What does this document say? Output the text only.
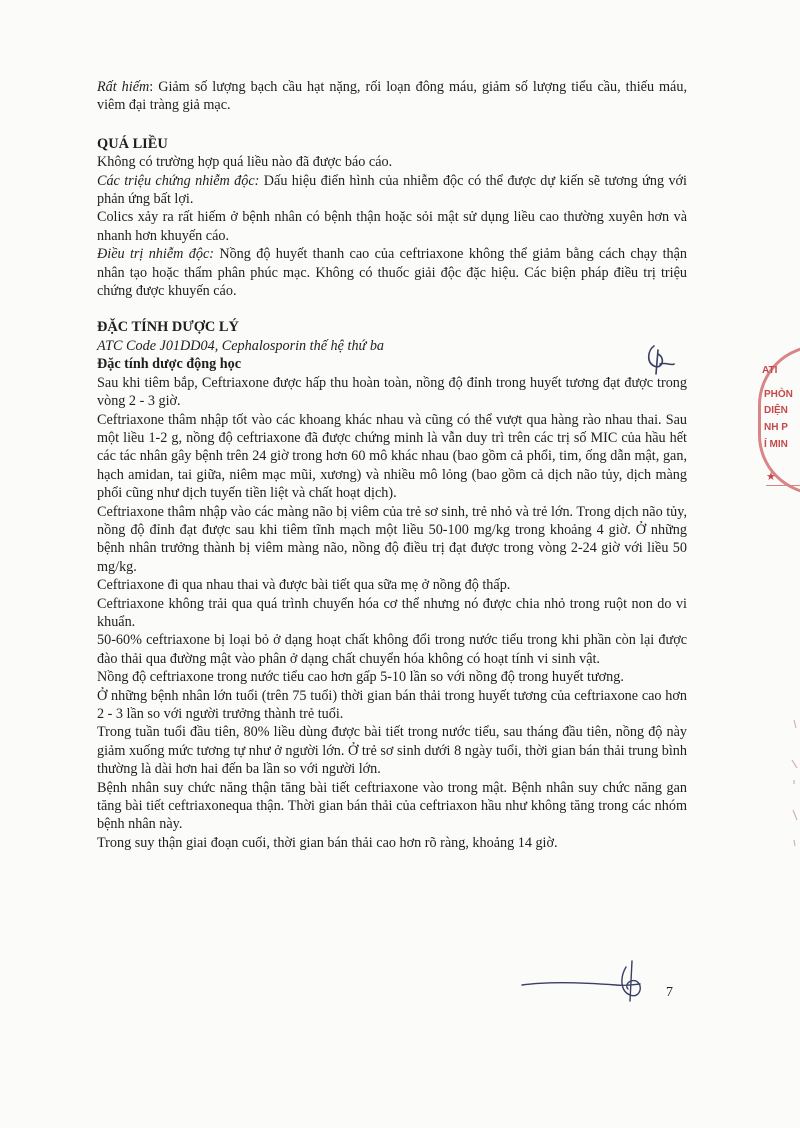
Rất hiếm: Giảm số lượng bạch cầu hạt nặng, rối loạn đông máu, giảm số lượng tiểu cầu, thiếu máu, viêm đại tràng giả mạc.

QUÁ LIỀU

Không có trường hợp quá liều nào đã được báo cáo.

Các triệu chứng nhiễm độc: Dấu hiệu điển hình của nhiễm độc có thể được dự kiến sẽ tương ứng với phản ứng bất lợi.

Colics xảy ra rất hiếm ở bệnh nhân có bệnh thận hoặc sỏi mật sử dụng liều cao thường xuyên hơn và nhanh hơn khuyến cáo.

Điều trị nhiễm độc: Nồng độ huyết thanh cao của ceftriaxone không thể giảm bằng cách chạy thận nhân tạo hoặc thẩm phân phúc mạc. Không có thuốc giải độc đặc hiệu. Các biện pháp điều trị triệu chứng được khuyến cáo.

ĐẶC TÍNH DƯỢC LÝ

ATC Code J01DD04, Cephalosporin thế hệ thứ ba

Đặc tính dược động học

Sau khi tiêm bắp, Ceftriaxone được hấp thu hoàn toàn, nồng độ đỉnh trong huyết tương đạt được trong vòng 2 - 3 giờ.

Ceftriaxone thâm nhập tốt vào các khoang khác nhau và cũng có thể vượt qua hàng rào nhau thai. Sau một liều 1-2 g, nồng độ ceftriaxone đã được chứng minh là vẫn duy trì trên các trị số MIC của hầu hết các tác nhân gây bệnh trên 24 giờ trong hơn 60 mô khác nhau (bao gồm cả phổi, tim, ống dẫn mật, gan, hạch amidan, tai giữa, niêm mạc mũi, xương) và nhiều mô lỏng (bao gồm cả dịch não tủy, dịch màng phổi cũng như dịch tuyến tiền liệt và chất hoạt dịch).

Ceftriaxone thâm nhập vào các màng não bị viêm của trẻ sơ sinh, trẻ nhỏ và trẻ lớn. Trong dịch não tủy, nồng độ đỉnh đạt được sau khi tiêm tĩnh mạch một liều 50-100 mg/kg trong khoảng 4 giờ. Ở những bệnh nhân trưởng thành bị viêm màng não, nồng độ điều trị đạt được trong vòng 2-24 giờ với liều 50 mg/kg.

Ceftriaxone đi qua nhau thai và được bài tiết qua sữa mẹ ở nồng độ thấp.

Ceftriaxone không trải qua quá trình chuyển hóa cơ thể nhưng nó được chia nhỏ trong ruột non do vi khuẩn.

50-60% ceftriaxone bị loại bỏ ở dạng hoạt chất không đổi trong nước tiểu trong khi phần còn lại được đào thải qua đường mật vào phân ở dạng chất chuyển hóa không có hoạt tính vi sinh vật.

Nồng độ ceftriaxone trong nước tiểu cao hơn gấp 5-10 lần so với nồng độ trong huyết tương.

Ở những bệnh nhân lớn tuổi (trên 75 tuổi) thời gian bán thải trong huyết tương của ceftriaxone cao hơn 2 - 3 lần so với người trưởng thành trẻ tuổi.

Trong tuần tuổi đầu tiên, 80% liều dùng được bài tiết trong nước tiểu, sau tháng đầu tiên, nồng độ này giảm xuống mức tương tự như ở người lớn. Ở trẻ sơ sinh dưới 8 ngày tuổi, thời gian bán thải trung bình thường là dài hơn hai đến ba lần so với người lớn.

Bệnh nhân suy chức năng thận tăng bài tiết ceftriaxone vào trong mật. Bệnh nhân suy chức năng gan tăng bài tiết ceftriaxonequa thận. Thời gian bán thải của ceftriaxon hầu như không tăng trong các nhóm bệnh nhân này.

Trong suy thận giai đoạn cuối, thời gian bán thải cao hơn rõ ràng, khoảng 14 giờ.

ATI
PHÒN
DIỆN
NH P
Í MIN
★
7
